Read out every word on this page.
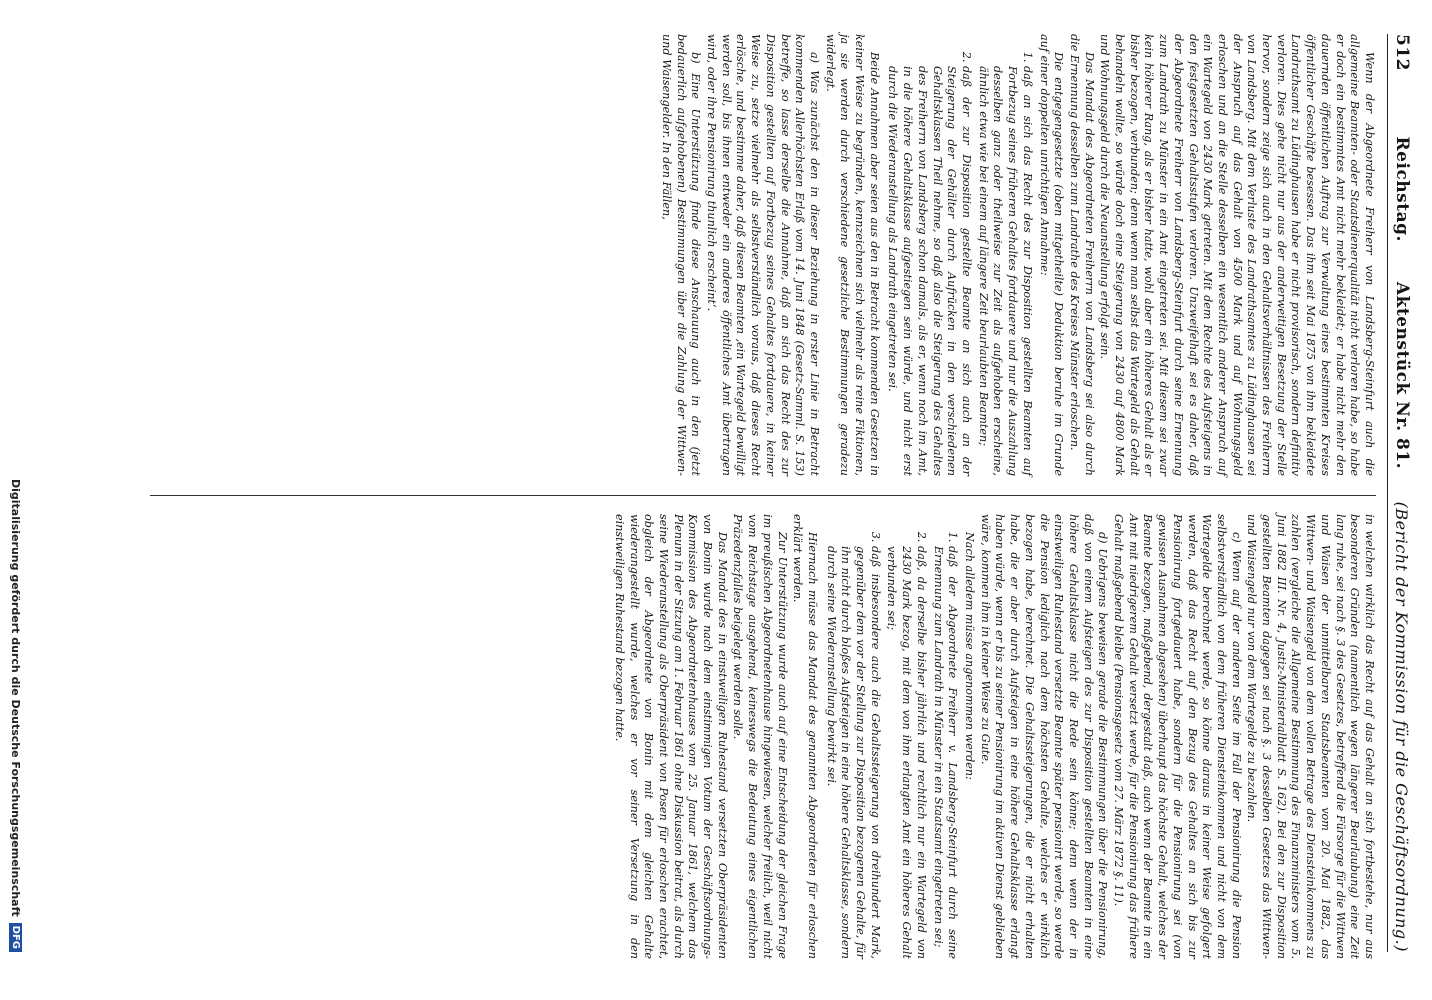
512
Reichstag.
Aktenstück Nr. 81.
(Bericht der Kommission für die Geschäftsordnung.)

Wenn der Abgeordnete Freiherr von Landsberg-Steinfurt auch die allgemeine Beamten- oder Staatsdienerqualität nicht verloren habe, so habe er doch ein bestimmtes Amt nicht mehr bekleidet; er habe nicht mehr den dauernden öffentlichen Auftrag zur Verwaltung eines bestimmten Kreises öffentlicher Geschäfte besessen. Das ihm seit Mai 1875 von ihm bekleidete Landrathsamt zu Lüdinghausen habe er nicht provisorisch, sondern definitiv verloren. Dies gehe nicht nur aus der anderweitigen Besetzung der Stelle hervor, sondern zeige sich auch in den Gehaltsverhältnissen des Freiherrn von Landsberg. Mit dem Verluste des Landrathsamtes zu Lüdinghausen sei der Anspruch auf das Gehalt von 4500 Mark und auf Wohnungsgeld erloschen und an die Stelle desselben ein wesentlich anderer Anspruch auf ein Wartegeld von 2430 Mark getreten. Mit dem Rechte des Aufsteigens in den festgesetzten Gehaltsstufen verloren. Unzweifelhaft sei es daher, daß der Abgeordnete Freiherr von Landsberg-Steinfurt durch seine Ernennung zum Landrath zu Münster in ein Amt eingetreten sei. Mit diesem sei zwar kein höherer Rang, als er bisher hatte, wohl aber ein höheres Gehalt als er bisher bezogen, verbunden; denn wenn man selbst das Wartegeld als Gehalt behandeln wollte, so würde doch eine Steigerung von 2430 auf 4800 Mark und Wohnungsgeld durch die Neuanstellung erfolgt sein.

Das Mandat des Abgeordneten Freiherrn von Landsberg sei also durch die Ernennung desselben zum Landrathe des Kreises Münster erloschen.

Die entgegengesetzte (oben mitgetheilte) Deduktion beruhe im Grunde auf einer doppelten unrichtigen Annahme:

1. daß an sich das Recht des zur Disposition gestellten Beamten auf Fortbezug seines früheren Gehaltes fortdauere und nur die Auszahlung desselben ganz oder theilweise zur Zeit als aufgehoben erscheine, ähnlich etwa wie bei einem auf längere Zeit beurlaubten Beamten;
2. daß der zur Disposition gestellte Beamte an sich auch an der Steigerung der Gehälter durch Aufrücken in den verschiedenen Gehaltsklassen Theil nehme, so daß also die Steigerung des Gehaltes des Freiherrn von Landsberg schon damals, als er, wenn noch im Amt, in die höhere Gehaltsklasse aufgestiegen sein würde, und nicht erst durch die Wiederanstellung als Landrath eingetreten sei.

Beide Annahmen aber seien aus den in Betracht kommenden Gesetzen in keiner Weise zu begründen, kennzeichnen sich vielmehr als reine Fiktionen, ja sie werden durch verschiedene gesetzliche Bestimmungen geradezu widerlegt.

a) Was zunächst den in dieser Beziehung in erster Linie in Betracht kommenden Allerhöchsten Erlaß vom 14. Juni 1848 (Gesetz-Samml. S. 153) betreffe, so lasse derselbe die Annahme, daß an sich das Recht des zur Disposition gestellten auf Fortbezug seines Gehaltes fortdauere, in keiner Weise zu, setze vielmehr als selbstverständlich voraus, daß dieses Recht erlösche, und bestimme daher, daß diesen Beamten ‚ein Wartegeld bewilligt werden soll, bis ihnen entweder ein anderes öffentliches Amt übertragen wird, oder ihre Pensionirung thunlich erscheint‘.

b) Eine Unterstützung finde diese Anschauung auch in den (jetzt bedauerlich aufgehobenen) Bestimmungen über die Zahlung der Wittwen- und Waisengelder. In den Fällen,

in welchen wirklich das Recht auf das Gehalt an sich fortbestehe, nur aus besonderen Gründen (namentlich wegen längerer Beurlaubung) eine Zeit lang ruhe, sei nach §. 3 des Gesetzes, betreffend die Fürsorge für die Wittwen und Waisen der unmittelbaren Staatsbeamten vom 20. Mai 1882, das Wittwen- und Waisengeld von dem vollen Betrage des Diensteinkommens zu zahlen (vergleiche die Allgemeine Bestimmung des Finanzministers vom 5. Juni 1882 III. Nr. 4, Justiz-Ministerialblatt S. 162). Bei den zur Disposition gestellten Beamten dagegen sei nach §. 3 desselben Gesetzes das Wittwen- und Waisengeld nur von dem Wartegelde zu bezahlen.

c) Wenn auf der anderen Seite im Fall der Pensionirung die Pension selbstverständlich von dem früheren Diensteinkommen und nicht von dem Wartegelde berechnet werde, so könne daraus in keiner Weise gefolgert werden, daß das Recht auf den Bezug des Gehaltes an sich bis zur Pensionirung fortgedauert habe, sondern für die Pensionirung sei (von gewissen Ausnahmen abgesehen) überhaupt das höchste Gehalt, welches der Beamte bezogen, maßgebend, dergestalt daß, auch wenn der Beamte in ein Amt mit niedrigerem Gehalt versetzt werde, für die Pensionirung das frühere Gehalt maßgebend bleibe (Pensionsgesetz vom 27. März 1872 §. 11).

d) Uebrigens beweisen gerade die Bestimmungen über die Pensionirung, daß von einem Aufsteigen des zur Disposition gestellten Beamten in eine höhere Gehaltsklasse nicht die Rede sein könne; denn wenn der in einstweiligen Ruhestand versetzte Beamte später pensionirt werde, so werde die Pension lediglich nach dem höchsten Gehalte, welches er wirklich bezogen habe, berechnet. Die Gehaltssteigerungen, die er nicht erhalten habe, die er aber durch Aufsteigen in eine höhere Gehaltsklasse erlangt haben würde, wenn er bis zu seiner Pensionirung im aktiven Dienst geblieben wäre, kommen ihm in keiner Weise zu Gute.

Nach alledem müsse angenommen werden:

1. daß der Abgeordnete Freiherr v. Landsberg-Steinfurt durch seine Ernennung zum Landrath in Münster in ein Staatsamt eingetreten sei;
2. daß, da derselbe bisher jährlich und rechtlich nur ein Wartegeld von 2430 Mark bezog, mit dem von ihm erlangten Amt ein höheres Gehalt verbunden sei;
3. daß insbesondere auch die Gehaltssteigerung von dreihundert Mark, gegenüber dem vor der Stellung zur Disposition bezogenen Gehalte, für ihn nicht durch bloßes Aufsteigen in eine höhere Gehaltsklasse, sondern durch seine Wiederanstellung bewirkt sei.

Hiernach müsse das Mandat des genannten Abgeordneten für erloschen erklärt werden.

Zur Unterstützung wurde auch auf eine Entscheidung der gleichen Frage im preußischen Abgeordnetenhause hingewiesen, welcher freilich, weil nicht vom Reichstage ausgehend, keineswegs die Bedeutung eines eigentlichen Präzedenzfalles beigelegt werden solle.

Das Mandat des in einstweiligen Ruhestand versetzten Oberpräsidenten von Bonin wurde nach dem einstimmigen Votum der Geschäftsordnungs-Kommission des Abgeordnetenhauses vom 25. Januar 1861, welchem das Plenum in der Sitzung am 1. Februar 1861 ohne Diskussion beitrat, als durch seine Wiederanstellung als Oberpräsident von Posen für erloschen erachtet, obgleich der Abgeordnete von Bonin mit dem gleichen Gehalte wiederangestellt wurde, welches er vor seiner Versetzung in den einstweiligen Ruhestand bezogen hatte.

Digitalisierung gefördert durch die Deutsche Forschungsgemeinschaft
DFG
